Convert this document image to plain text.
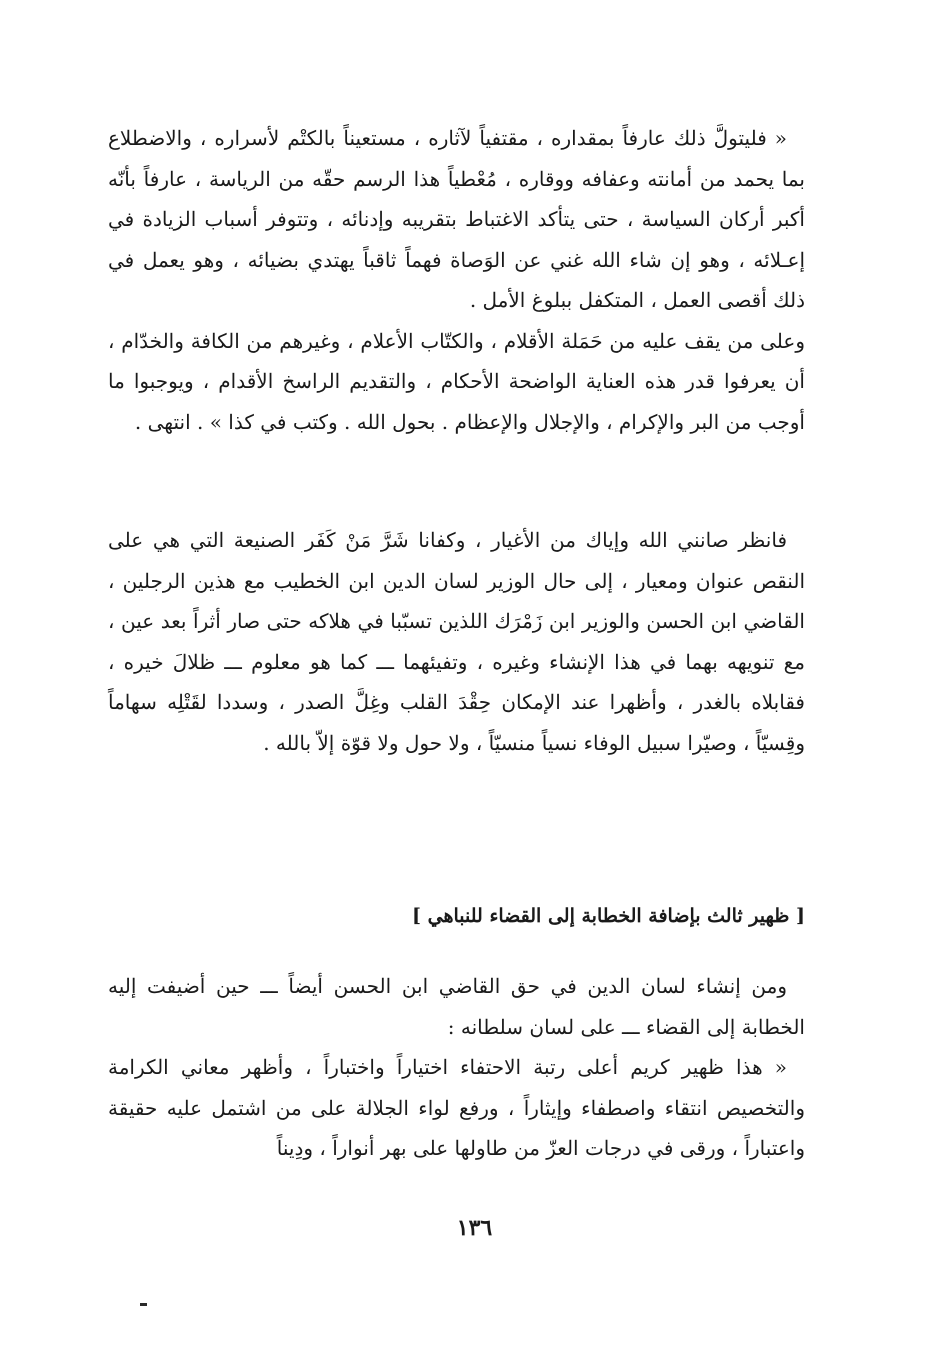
« فليتولَّ ذلك عارفاً بمقداره ، مقتفياً لآثاره ، مستعيناً بالكتْم لأسراره ، والاضطلاع بما يحمد من أمانته وعفافه ووقاره ، مُعْطياً هذا الرسم حقّه من الرياسة ، عارفاً بأنّه أكبر أركان السياسة ، حتى يتأكد الاغتباط بتقريبه وإدنائه ، وتتوفر أسباب الزيادة في إعـلائه ، وهو إن شاء الله غني عن الوَصاة فهماً ثاقباً يهتدي بضيائه ، وهو يعمل في ذلك أقصى العمل ، المتكفل ببلوغ الأمل .

وعلى من يقف عليه من حَمَلة الأقلام ، والكتّاب الأعلام ، وغيرهم من الكافة والخدّام ، أن يعرفوا قدر هذه العناية الواضحة الأحكام ، والتقديم الراسخ الأقدام ، ويوجبوا ما أوجب من البر والإكرام ، والإجلال والإعظام . بحول الله . وكتب في كذا » . انتهى .

فانظر صانني الله وإياك من الأغيار ، وكفانا شَرَّ مَنْ كَفَر الصنيعة التي هي على النقص عنوان ومعيار ، إلى حال الوزير لسان الدين ابن الخطيب مع هذين الرجلين ، القاضي ابن الحسن والوزير ابن زَمْرَك اللذين تسبّبا في هلاكه حتى صار أثراً بعد عين ، مع تنويهه بهما في هذا الإنشاء وغيره ، وتفيئهما ـــ كما هو معلوم ـــ ظلالَ خيره ، فقابلاه بالغدر ، وأظهرا عند الإمكان حِقْدَ القلب وغِلَّ الصدر ، وسددا لقَتْلِه سهاماً وقِسيّاً ، وصيّرا سبيل الوفاء نسياً منسيّاً ، ولا حول ولا قوّة إلاّ بالله .

[ ظهير ثالث بإضافة الخطابة إلى القضاء للنباهي ]

ومن إنشاء لسان الدين في حق القاضي ابن الحسن أيضاً ـــ حين أضيفت إليه الخطابة إلى القضاء ـــ على لسان سلطانه :

« هذا ظهير كريم أعلى رتبة الاحتفاء اختياراً واختباراً ، وأظهر معاني الكرامة والتخصيص انتقاء واصطفاء وإيثاراً ، ورفع لواء الجلالة على من اشتمل عليه حقيقة واعتباراً ، ورقى في درجات العزّ من طاولها على بهر أنواراً ، ودِيناً

١٣٦
